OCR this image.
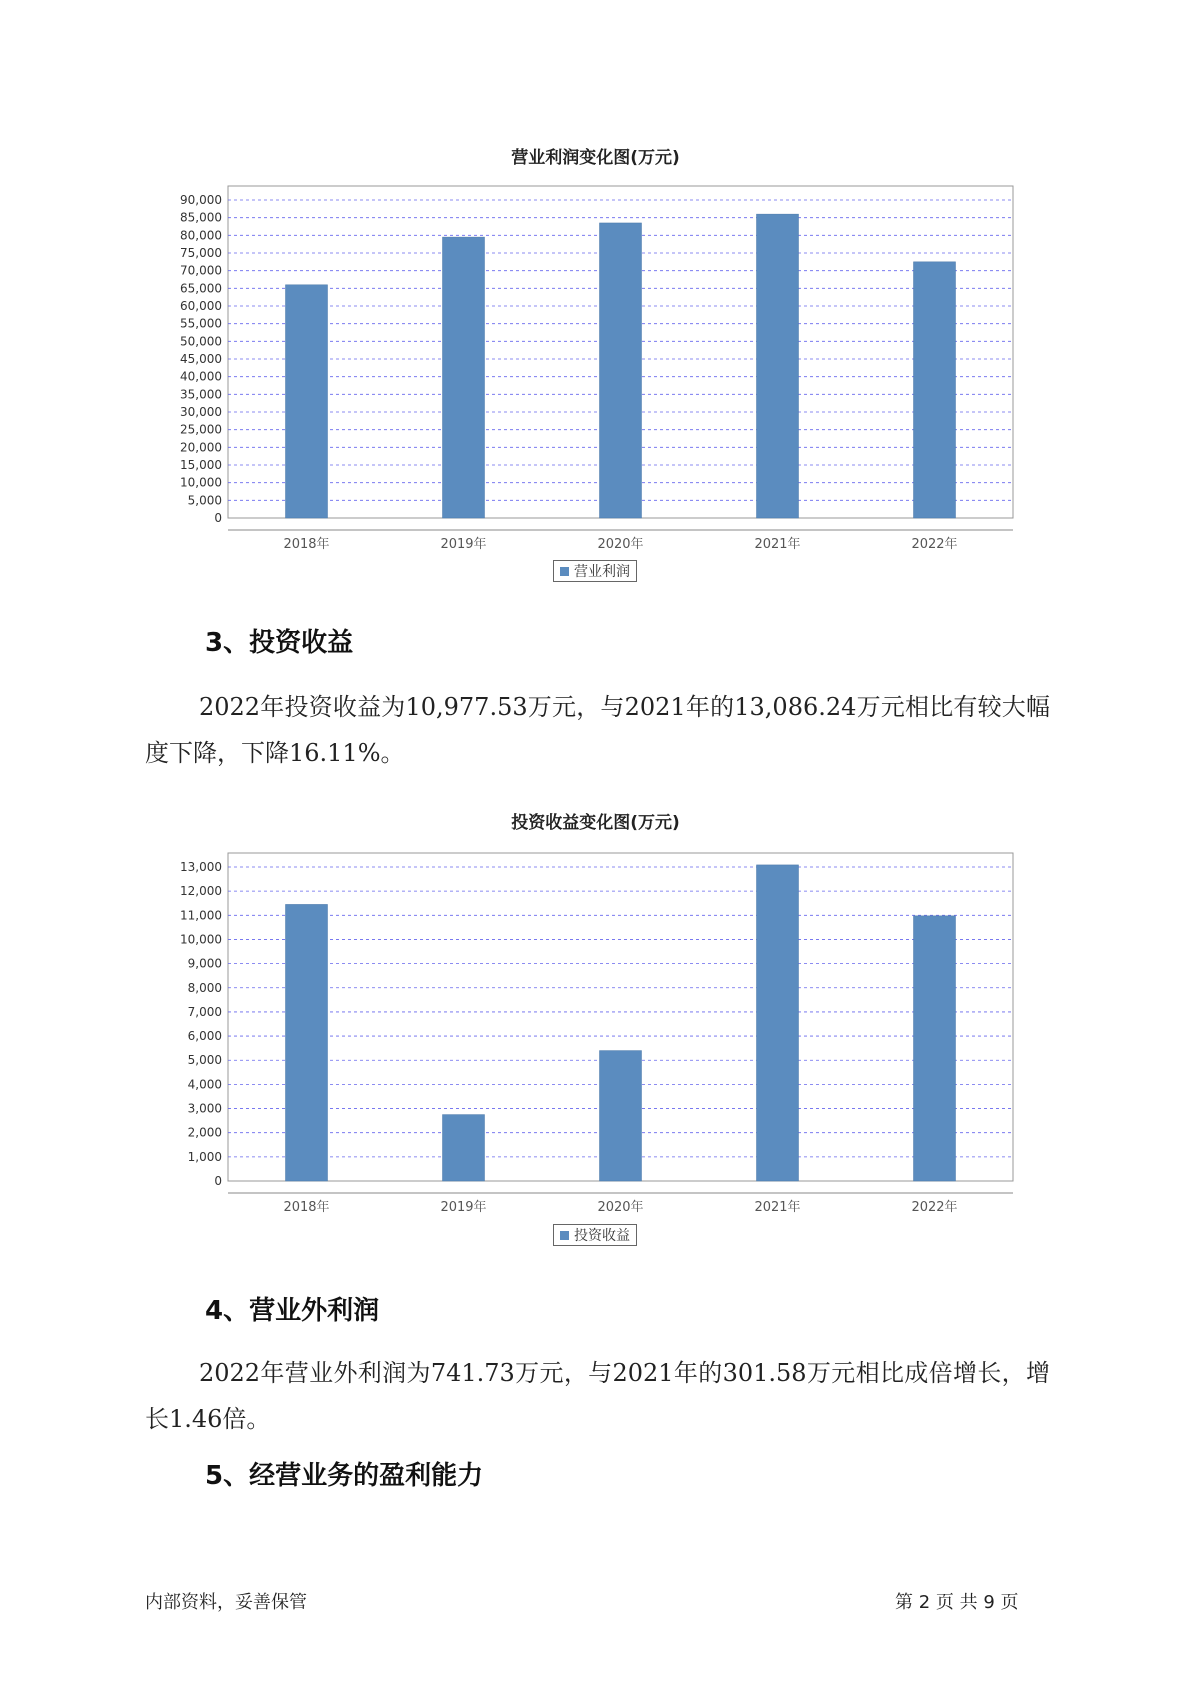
营业利润变化图(万元)
0
5,000
10,000
15,000
20,000
25,000
30,000
35,000
40,000
45,000
50,000
55,000
60,000
65,000
70,000
75,000
80,000
85,000
90,000
2018年	2019年	2020年	2021年	2022年
营业利润
3、投资收益
2022年投资收益为10,977.53万元，与2021年的13,086.24万元相比有较大幅度下降，下降16.11%。
投资收益变化图(万元)
0
1,000
2,000
3,000
4,000
5,000
6,000
7,000
8,000
9,000
10,000
11,000
12,000
13,000
2018年	2019年	2020年	2021年	2022年
投资收益
4、营业外利润
2022年营业外利润为741.73万元，与2021年的301.58万元相比成倍增长，增长1.46倍。
5、经营业务的盈利能力
内部资料，妥善保管	第 2 页 共 9 页
